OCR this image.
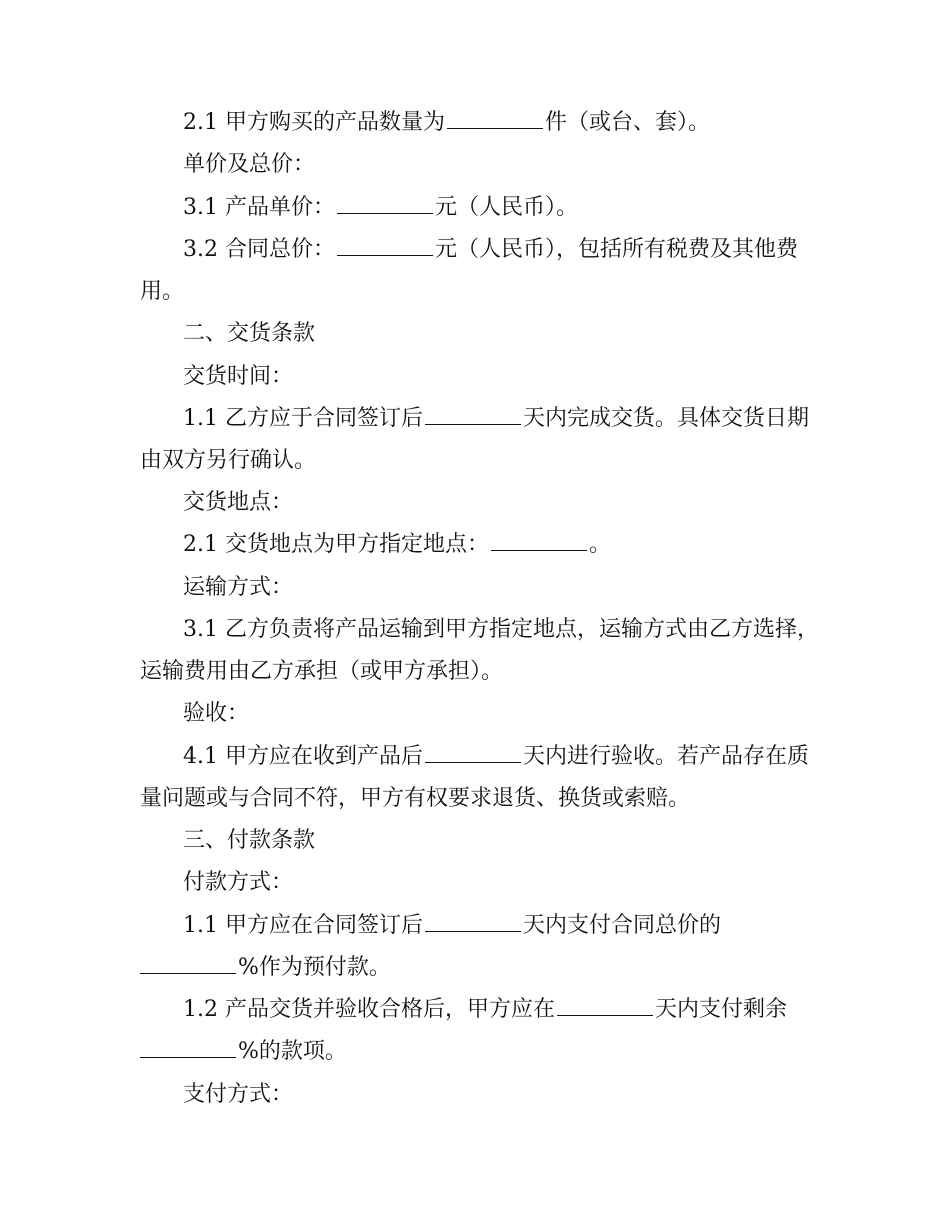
2.1 甲方购买的产品数量为	件（或台、套）。
单价及总价：
3.1 产品单价：	元（人民币）。
3.2 合同总价：	元（人民币），包括所有税费及其他费
用。
二、交货条款
交货时间：
1.1 乙方应于合同签订后	天内完成交货。具体交货日期
由双方另行确认。
交货地点：
2.1 交货地点为甲方指定地点：	。
运输方式：
3.1 乙方负责将产品运输到甲方指定地点，运输方式由乙方选择，
运输费用由乙方承担（或甲方承担）。
验收：
4.1 甲方应在收到产品后	天内进行验收。若产品存在质
量问题或与合同不符，甲方有权要求退货、换货或索赔。
三、付款条款
付款方式：
1.1 甲方应在合同签订后	天内支付合同总价的
%作为预付款。
1.2 产品交货并验收合格后，甲方应在	天内支付剩余
%的款项。
支付方式：
